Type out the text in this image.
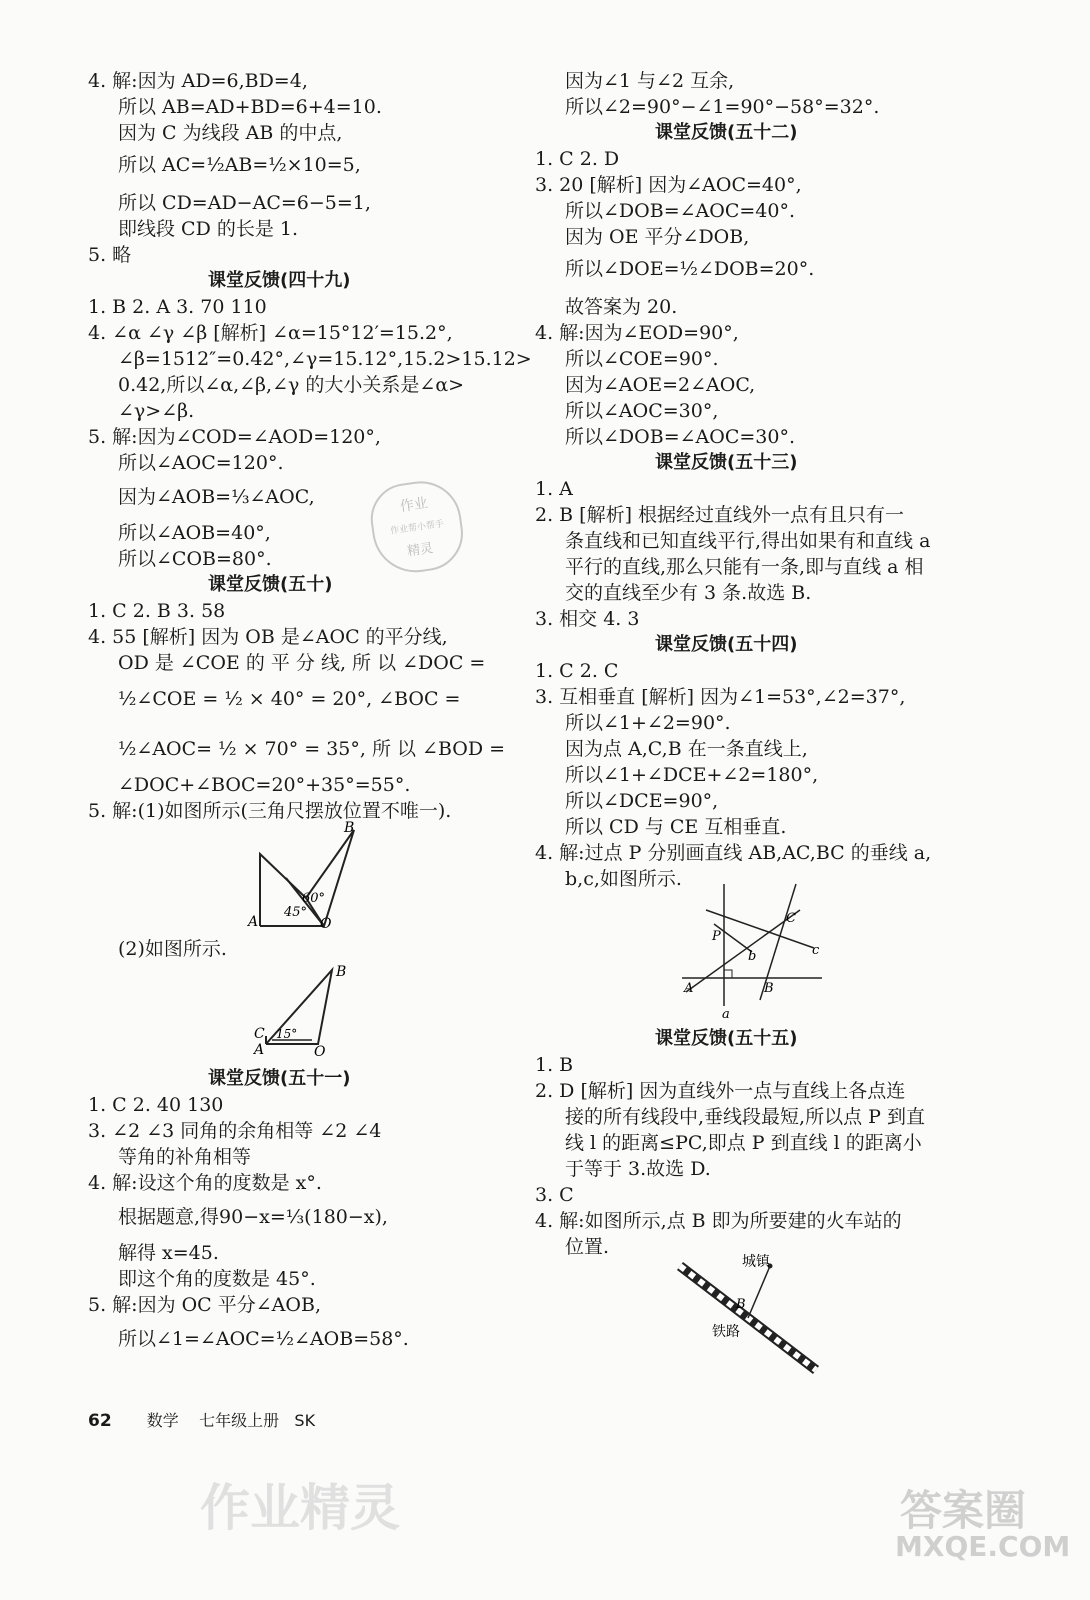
4. 解:因为 AD=6,BD=4,
所以 AB=AD+BD=6+4=10.
因为 C 为线段 AB 的中点,
所以 AC=½AB=½×10=5,
所以 CD=AD−AC=6−5=1,
即线段 CD 的长是 1.
5. 略
课堂反馈(四十九)
1. B 2. A 3. 70 110
4. ∠α ∠γ ∠β [解析] ∠α=15°12′=15.2°,
∠β=1512″=0.42°,∠γ=15.12°,15.2>15.12>
0.42,所以∠α,∠β,∠γ 的大小关系是∠α>
∠γ>∠β.
5. 解:因为∠COD=∠AOD=120°,
所以∠AOC=120°.
因为∠AOB=⅓∠AOC,
所以∠AOB=40°,
所以∠COB=80°.
课堂反馈(五十)
1. C 2. B 3. 58
4. 55 [解析] 因为 OB 是∠AOC 的平分线,
OD 是 ∠COE 的 平 分 线, 所 以 ∠DOC =
½∠COE = ½ × 40° = 20°, ∠BOC =
½∠AOC= ½ × 70° = 35°, 所 以 ∠BOD =
∠DOC+∠BOC=20°+35°=55°.
5. 解:(1)如图所示(三角尺摆放位置不唯一).
(2)如图所示.
课堂反馈(五十一)
1. C 2. 40 130
3. ∠2 ∠3 同角的余角相等 ∠2 ∠4
等角的补角相等
4. 解:设这个角的度数是 x°.
根据题意,得90−x=⅓(180−x),
解得 x=45.
即这个角的度数是 45°.
5. 解:因为 OC 平分∠AOB,
所以∠1=∠AOC=½∠AOB=58°.
因为∠1 与∠2 互余,
所以∠2=90°−∠1=90°−58°=32°.
课堂反馈(五十二)
1. C 2. D
3. 20 [解析] 因为∠AOC=40°,
所以∠DOB=∠AOC=40°.
因为 OE 平分∠DOB,
所以∠DOE=½∠DOB=20°.
故答案为 20.
4. 解:因为∠EOD=90°,
所以∠COE=90°.
因为∠AOE=2∠AOC,
所以∠AOC=30°,
所以∠DOB=∠AOC=30°.
课堂反馈(五十三)
1. A
2. B [解析] 根据经过直线外一点有且只有一
条直线和已知直线平行,得出如果有和直线 a
平行的直线,那么只能有一条,即与直线 a 相
交的直线至少有 3 条.故选 B.
3. 相交 4. 3
课堂反馈(五十四)
1. C 2. C
3. 互相垂直 [解析] 因为∠1=53°,∠2=37°,
所以∠1+∠2=90°.
因为点 A,C,B 在一条直线上,
所以∠1+∠DCE+∠2=180°,
所以∠DCE=90°,
所以 CD 与 CE 互相垂直.
4. 解:过点 P 分别画直线 AB,AC,BC 的垂线 a,
b,c,如图所示.
课堂反馈(五十五)
1. B
2. D [解析] 因为直线外一点与直线上各点连
接的所有线段中,垂线段最短,所以点 P 到直
线 l 的距离≤PC,即点 P 到直线 l 的距离小
于等于 3.故选 D.
3. C
4. 解:如图所示,点 B 即为所要建的火车站的
位置.
B
60°
45°
A	O
B
C 15°
A	O
C
P
b	c
A	B
a
城镇
B
铁路
作业
作业帮小帮手
精灵
作业精灵	答案圈
MXQE.COM
62 数学 七年级上册 SK
